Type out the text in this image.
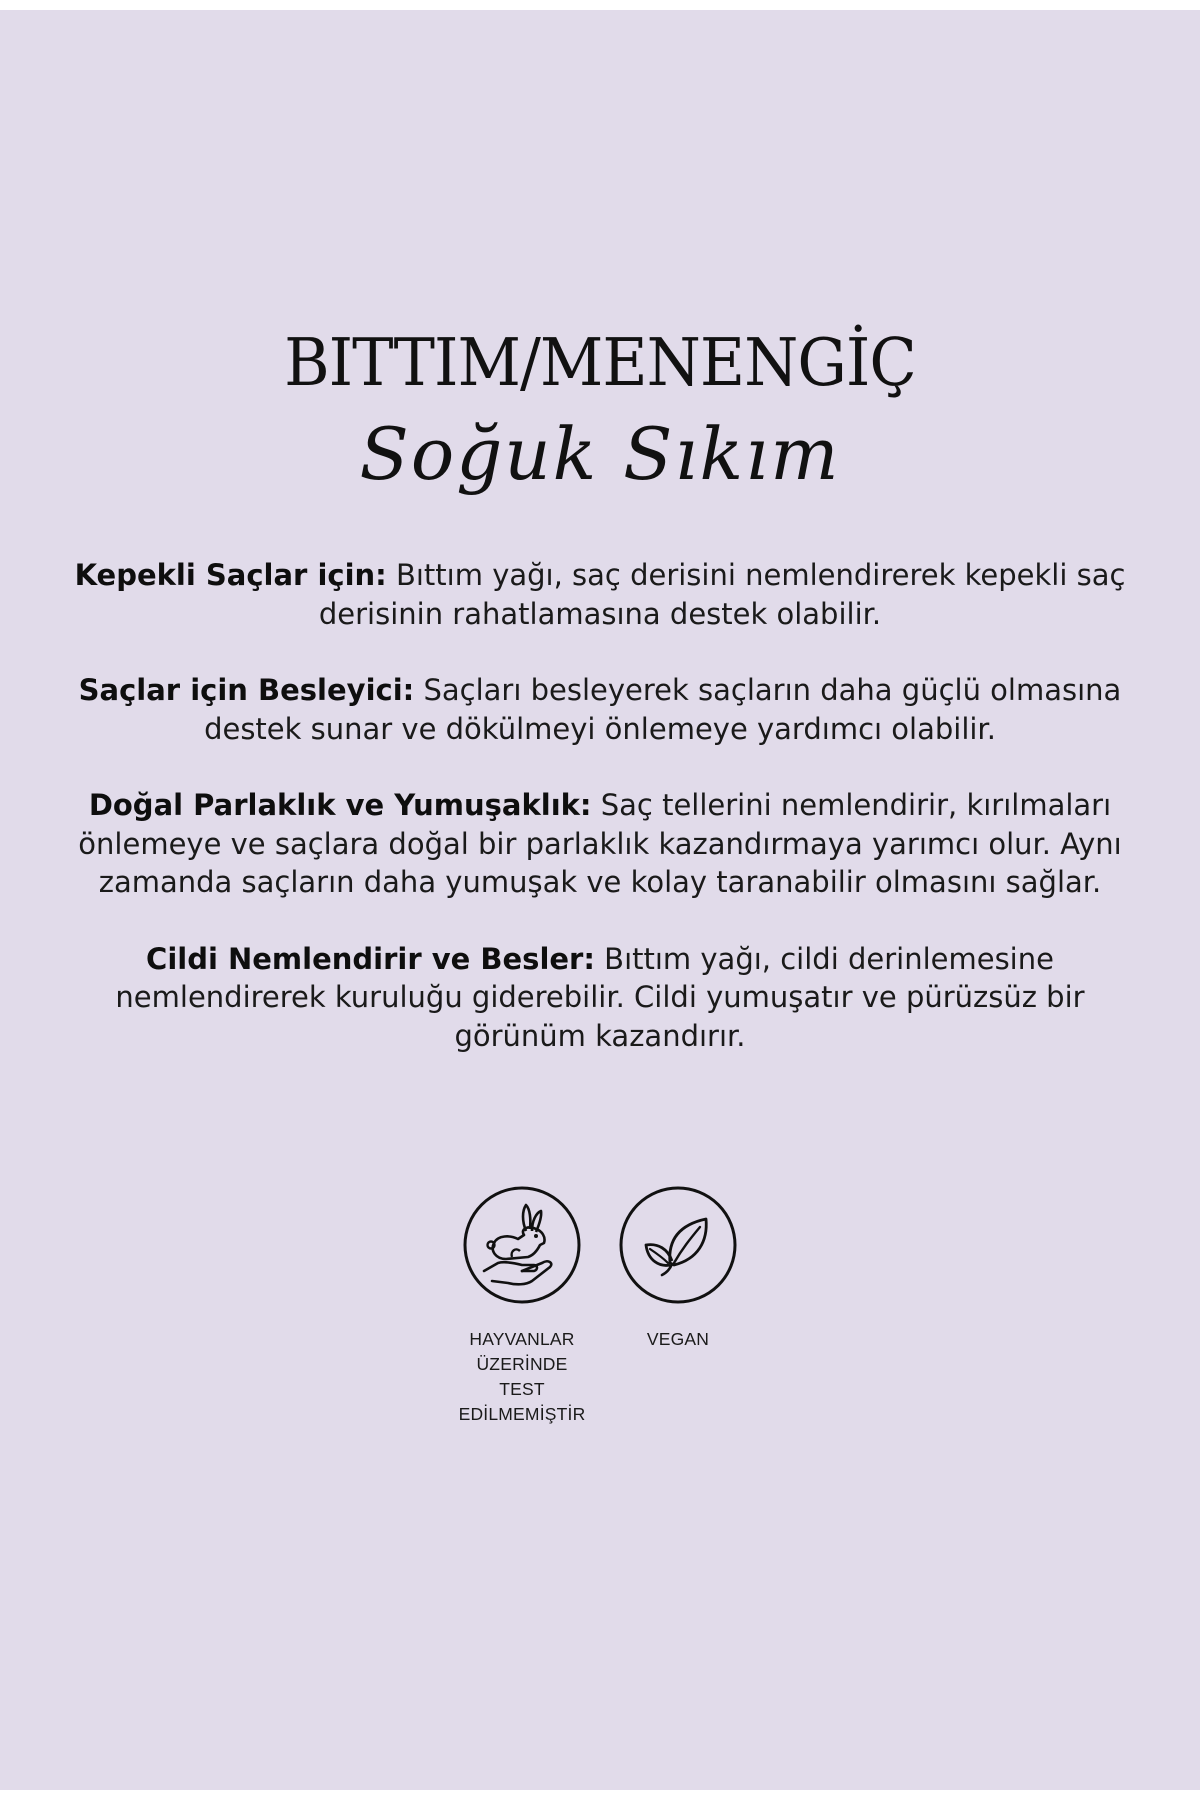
BITTIM/MENENGİÇ
Soğuk Sıkım

Kepekli Saçlar için: Bıttım yağı, saç derisini nemlendirerek kepekli saç derisinin rahatlamasına destek olabilir.

Saçlar için Besleyici: Saçları besleyerek saçların daha güçlü olmasına destek sunar ve dökülmeyi önlemeye yardımcı olabilir.

Doğal Parlaklık ve Yumuşaklık: Saç tellerini nemlendirir, kırılmaları önlemeye ve saçlara doğal bir parlaklık kazandırmaya yarımcı olur. Aynı zamanda saçların daha yumuşak ve kolay taranabilir olmasını sağlar.

Cildi Nemlendirir ve Besler: Bıttım yağı, cildi derinlemesine nemlendirerek kuruluğu giderebilir. Cildi yumuşatır ve pürüzsüz bir görünüm kazandırır.

HAYVANLAR
ÜZERİNDE TEST
EDİLMEMİŞTİR
VEGAN
